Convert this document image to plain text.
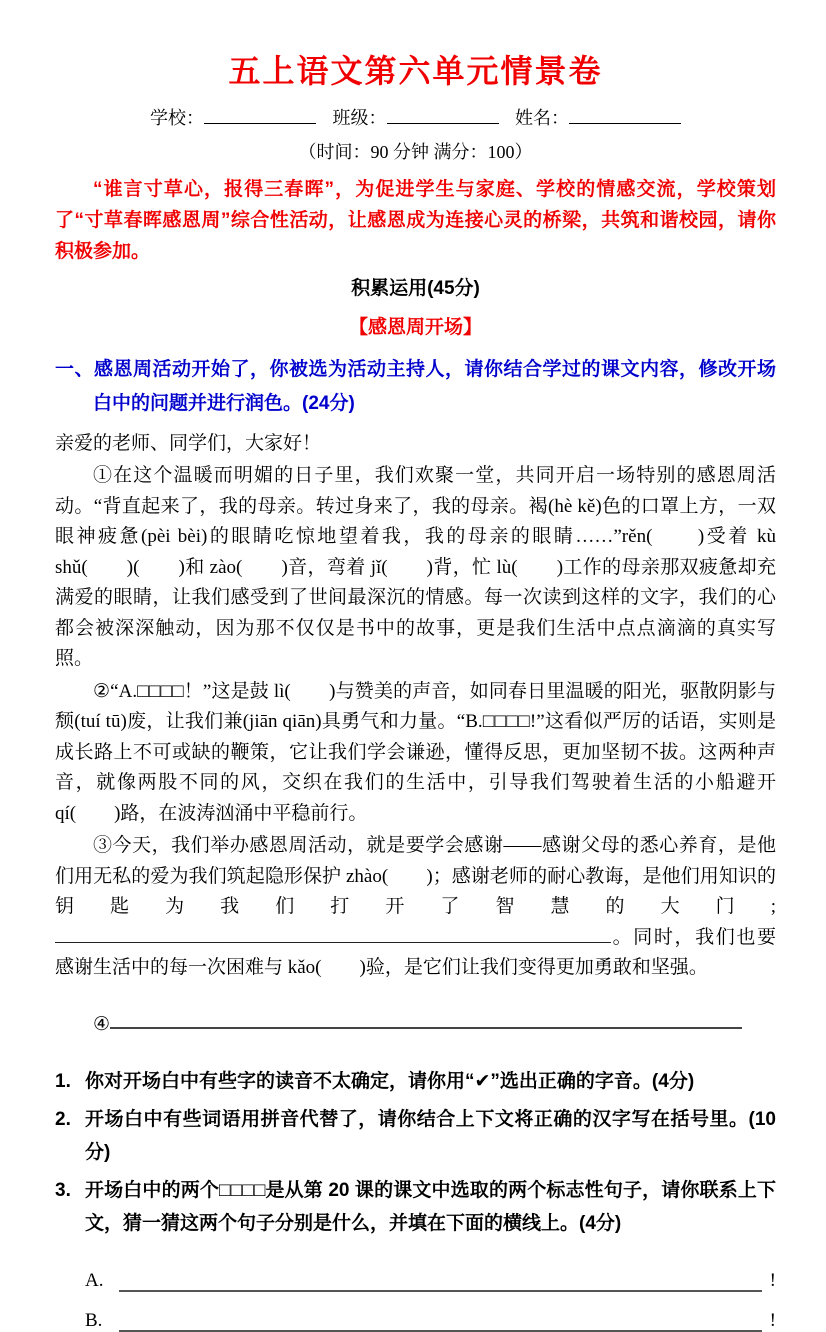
五上语文第六单元情景卷
学校：	班级：	姓名：
（时间：90 分钟 满分：100）

“谁言寸草心，报得三春晖”，为促进学生与家庭、学校的情感交流，学校策划了“寸草春晖感恩周”综合性活动，让感恩成为连接心灵的桥梁，共筑和谐校园，请你积极参加。

积累运用(45分)
【感恩周开场】
一、感恩周活动开始了，你被选为活动主持人，请你结合学过的课文内容，修改开场白中的问题并进行润色。(24分)

亲爱的老师、同学们，大家好！

①在这个温暖而明媚的日子里，我们欢聚一堂，共同开启一场特别的感恩周活动。“背直起来了，我的母亲。转过身来了，我的母亲。褐(hè kě)色的口罩上方，一双眼神疲惫(pèi bèi)的眼睛吃惊地望着我，我的母亲的眼睛……”rěn(　　)受着 kù shǔ(　　)(　　)和 zào(　　)音，弯着 jǐ(　　)背，忙 lù(　　)工作的母亲那双疲惫却充满爱的眼睛，让我们感受到了世间最深沉的情感。每一次读到这样的文字，我们的心都会被深深触动，因为那不仅仅是书中的故事，更是我们生活中点点滴滴的真实写照。

②“A.□□□□！”这是鼓 lì(　　)与赞美的声音，如同春日里温暖的阳光，驱散阴影与颓(tuí tū)废，让我们兼(jiān qiān)具勇气和力量。“B.□□□□!”这看似严厉的话语，实则是成长路上不可或缺的鞭策，它让我们学会谦逊，懂得反思，更加坚韧不拔。这两种声音，就像两股不同的风，交织在我们的生活中，引导我们驾驶着生活的小船避开 qí(　　)路，在波涛汹涌中平稳前行。

③今天，我们举办感恩周活动，就是要学会感谢——感谢父母的悉心养育，是他们用无私的爱为我们筑起隐形保护 zhào(　　)；感谢老师的耐心教诲，是他们用知识的钥匙为我们打开了智慧的大门;。同时，我们也要感谢生活中的每一次困难与 kǎo(　　)验，是它们让我们变得更加勇敢和坚强。

④

1. 你对开场白中有些字的读音不太确定，请你用“✔”选出正确的字音。(4分)
2. 开场白中有些词语用拼音代替了，请你结合上下文将正确的汉字写在括号里。(10分)
3. 开场白中的两个□□□□是从第 20 课的课文中选取的两个标志性句子，请你联系上下文，猜一猜这两个句子分别是什么，并填在下面的横线上。(4分)
A.	!
B.	!
